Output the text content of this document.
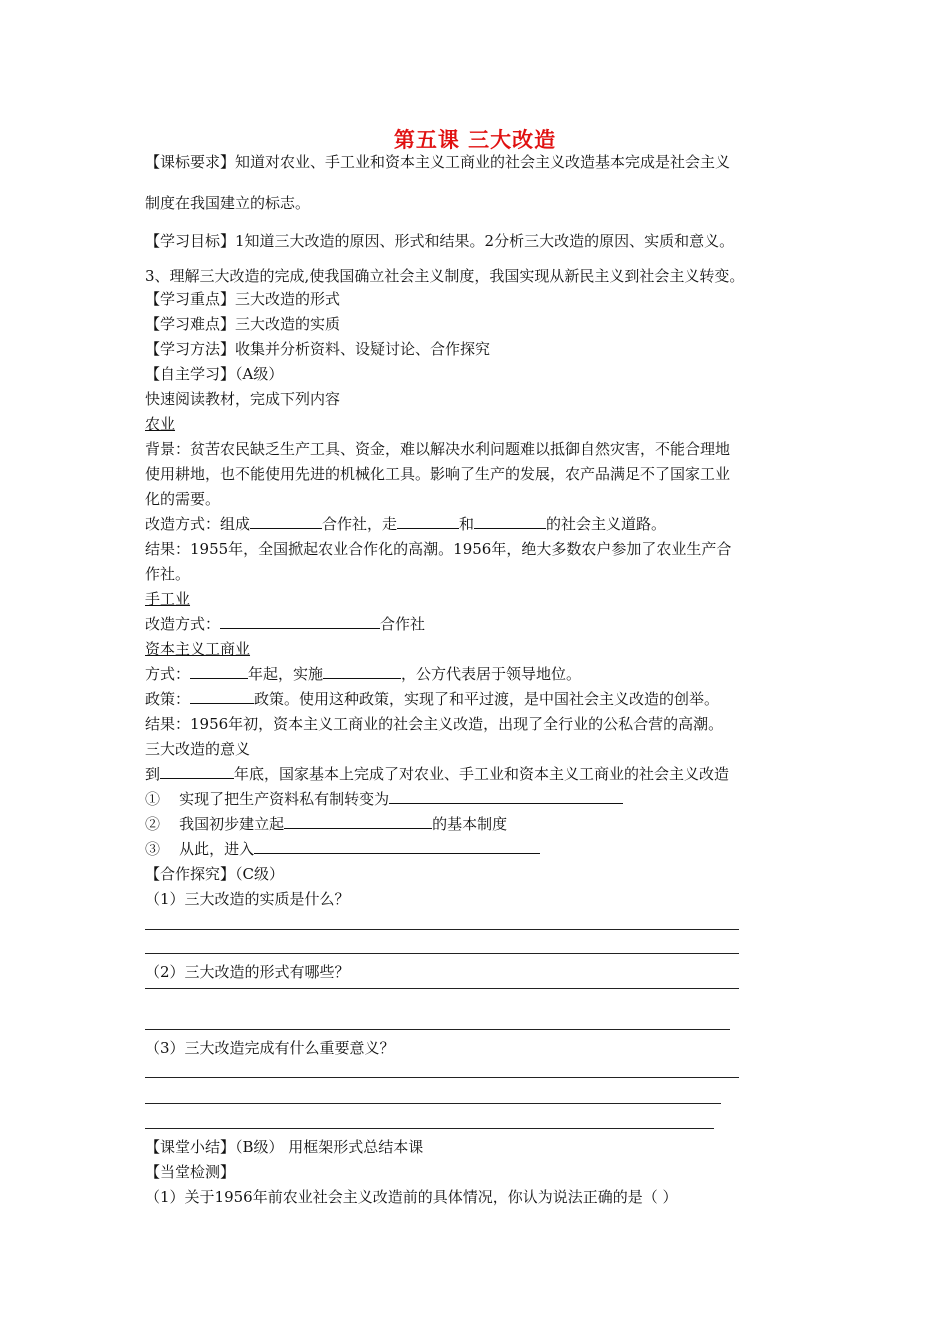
第五课 三大改造
【课标要求】知道对农业、手工业和资本主义工商业的社会主义改造基本完成是社会主义
制度在我国建立的标志。
【学习目标】1知道三大改造的原因、形式和结果。2分析三大改造的原因、实质和意义。
3、理解三大改造的完成,使我国确立社会主义制度，我国实现从新民主义到社会主义转变。
【学习重点】三大改造的形式
【学习难点】三大改造的实质
【学习方法】收集并分析资料、设疑讨论、合作探究
【自主学习】（A级）
快速阅读教材，完成下列内容
农业
背景：贫苦农民缺乏生产工具、资金，难以解决水利问题难以抵御自然灾害，不能合理地
使用耕地，也不能使用先进的机械化工具。影响了生产的发展，农产品满足不了国家工业
化的需要。
改造方式：组成	合作社，走	和	的社会主义道路。
结果：1955年，全国掀起农业合作化的高潮。1956年，绝大多数农户参加了农业生产合
作社。
手工业
改造方式：	合作社
资本主义工商业
方式：	年起，实施	，公方代表居于领导地位。
政策：	政策。使用这种政策，实现了和平过渡，是中国社会主义改造的创举。
结果：1956年初，资本主义工商业的社会主义改造，出现了全行业的公私合营的高潮。
三大改造的意义
到	年底，国家基本上完成了对农业、手工业和资本主义工商业的社会主义改造
① 实现了把生产资料私有制转变为
② 我国初步建立起	的基本制度
③ 从此，进入
【合作探究】（C级）
（1）三大改造的实质是什么？
（2）三大改造的形式有哪些？
（3）三大改造完成有什么重要意义？
【课堂小结】（B级） 用框架形式总结本课
【当堂检测】
（1）关于1956年前农业社会主义改造前的具体情况，你认为说法正确的是（ ）
